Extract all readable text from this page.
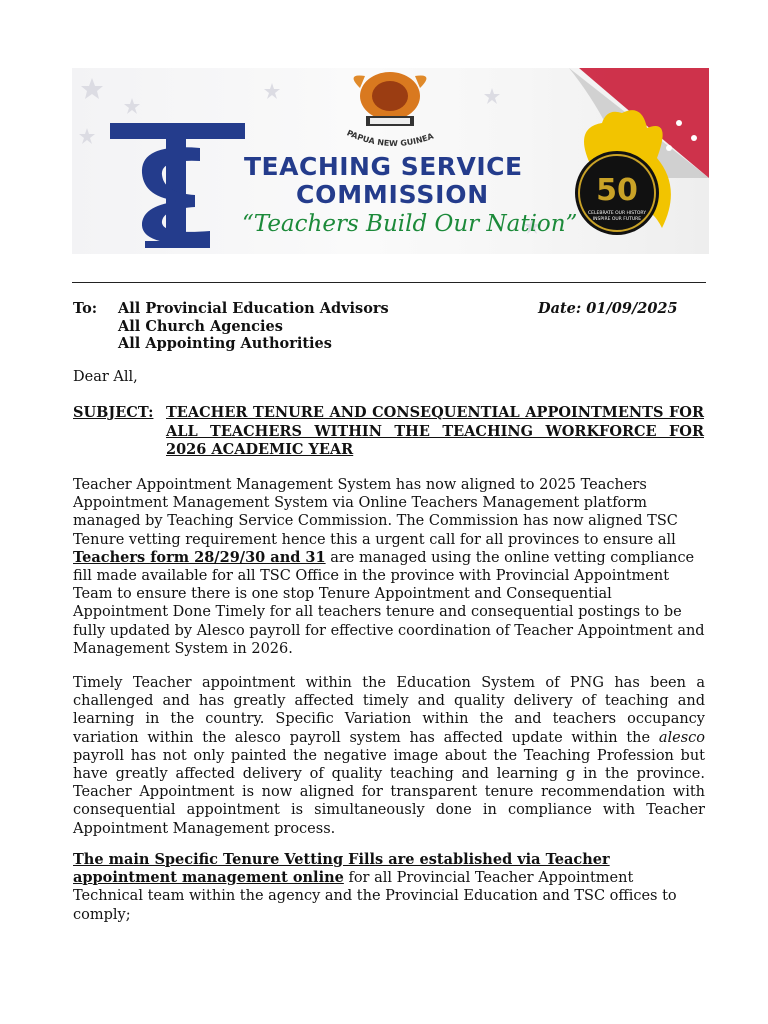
PAPUA NEW GUINEA
TEACHING SERVICE
COMMISSION
“Teachers Build Our Nation”
50
CELEBRATE OUR HISTORY
INSPIRE OUR FUTURE
To: All Provincial Education Advisors
All Church Agencies
All Appointing Authorities
Date: 01/09/2025
Dear All,
SUBJECT: TEACHER TENURE AND CONSEQUENTIAL APPOINTMENTS FOR ALL TEACHERS WITHIN THE TEACHING WORKFORCE FOR 2026 ACADEMIC YEAR

Teacher Appointment Management System has now aligned to 2025 Teachers Appointment Management System via Online Teachers Management platform managed by Teaching Service Commission. The Commission has now aligned TSC Tenure vetting requirement hence this a urgent call for all provinces to ensure all Teachers form 28/29/30 and 31 are managed using the online vetting compliance fill made available for all TSC Office in the province with Provincial Appointment Team to ensure there is one stop Tenure Appointment and Consequential Appointment Done Timely for all teachers tenure and consequential postings to be fully updated by Alesco payroll for effective coordination of Teacher Appointment and Management System in 2026.

Timely Teacher appointment within the Education System of PNG has been a challenged and has greatly affected timely and quality delivery of teaching and learning in the country. Specific Variation within the and teachers occupancy variation within the alesco payroll system has affected update within the alesco payroll has not only painted the negative image about the Teaching Profession but have greatly affected delivery of quality teaching and learning g in the province. Teacher Appointment is now aligned for transparent tenure recommendation with consequential appointment is simultaneously done in compliance with Teacher Appointment Management process.

The main Specific Tenure Vetting Fills are established via Teacher appointment management online for all Provincial Teacher Appointment Technical team within the agency and the Provincial Education and TSC offices to comply;
